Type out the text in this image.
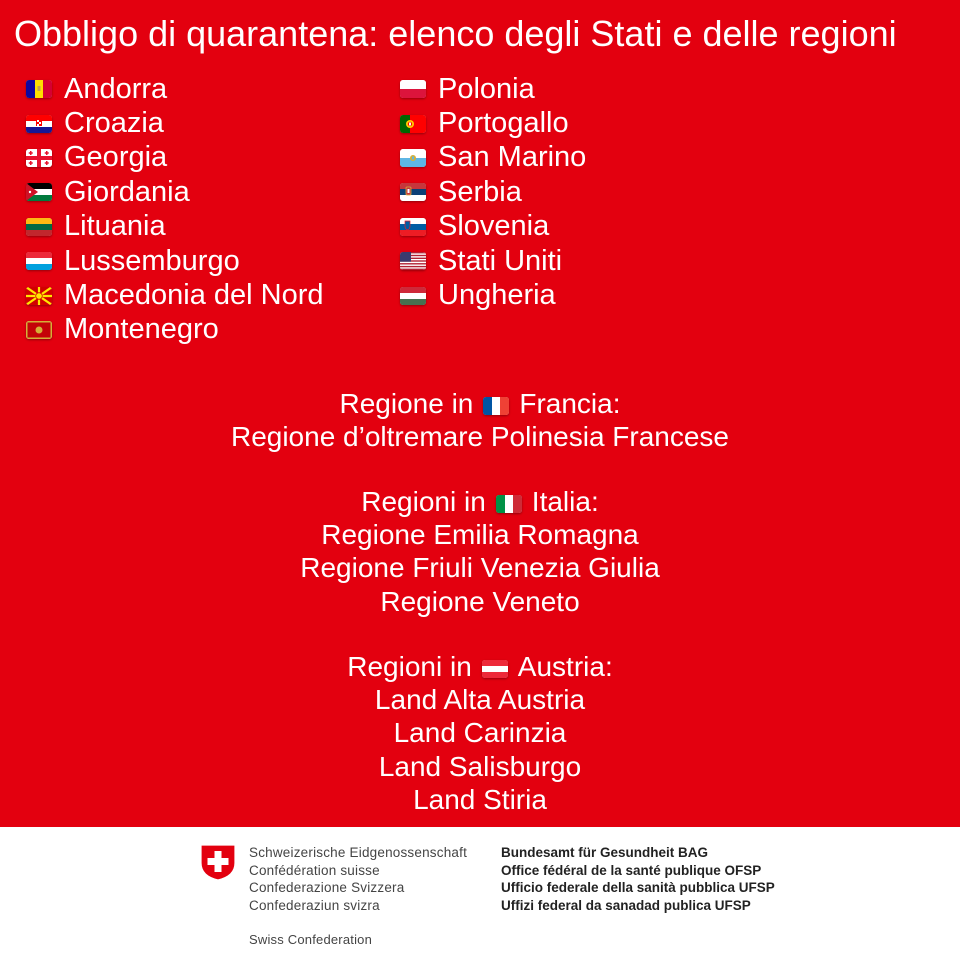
Obbligo di quarantena: elenco degli Stati e delle regioni
Andorra
Croazia
Georgia
Giordania
Lituania
Lussemburgo
Macedonia del Nord
Montenegro
Polonia
Portogallo
San Marino
Serbia
Slovenia
Stati Uniti
Ungheria
Regione in Francia:
Regione d’oltremare Polinesia Francese
Regioni in Italia:
Regione Emilia Romagna
Regione Friuli Venezia Giulia
Regione Veneto
Regioni in Austria:
Land Alta Austria
Land Carinzia
Land Salisburgo
Land Stiria
Schweizerische Eidgenossenschaft
Confédération suisse
Confederazione Svizzera
Confederaziun svizra
Swiss Confederation
Bundesamt für Gesundheit BAG
Office fédéral de la santé publique OFSP
Ufficio federale della sanità pubblica UFSP
Uffizi federal da sanadad publica UFSP
